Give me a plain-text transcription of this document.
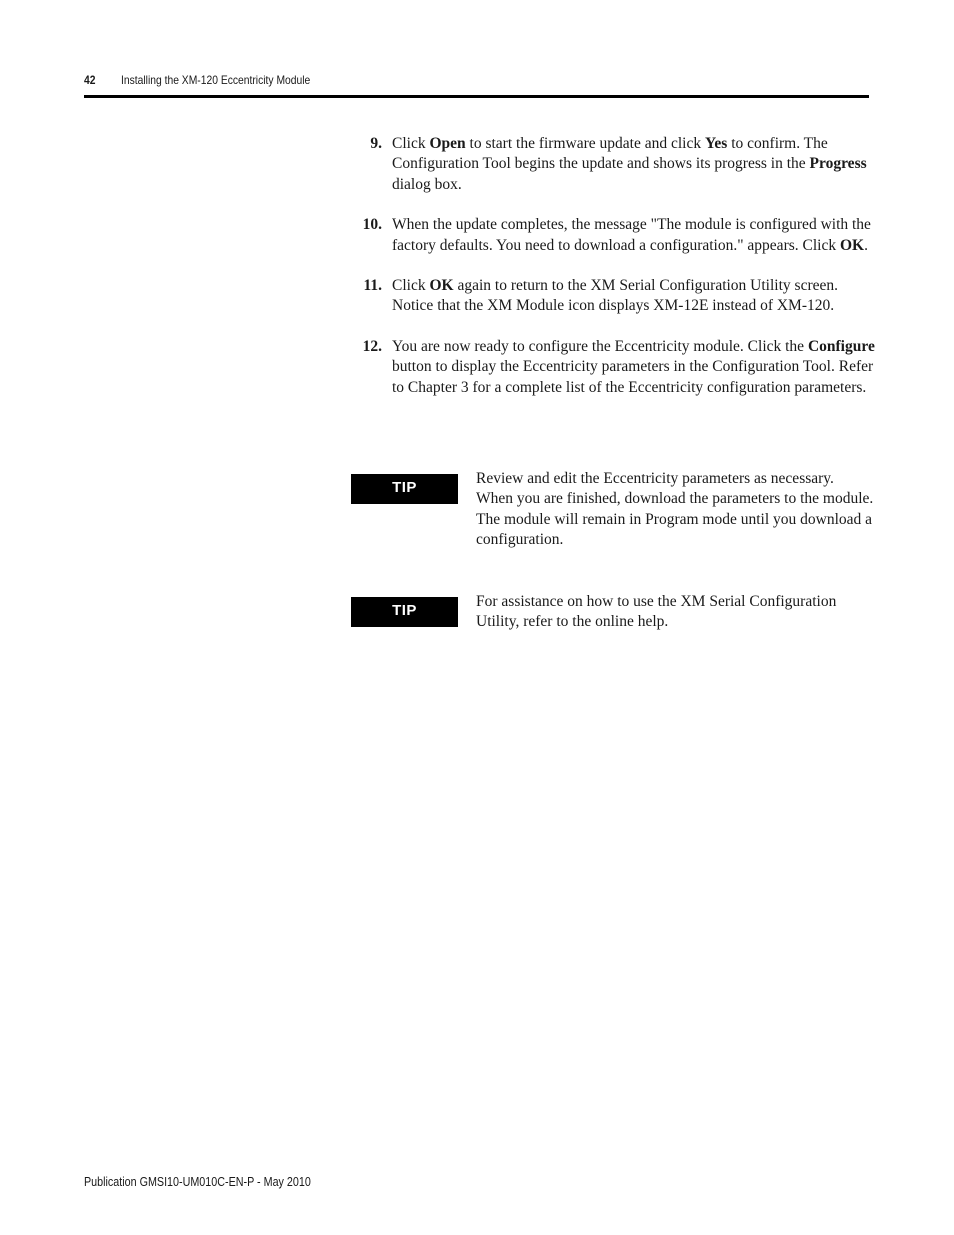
42 Installing the XM-120 Eccentricity Module
9. Click Open to start the firmware update and click Yes to confirm. The Configuration Tool begins the update and shows its progress in the Progress dialog box.
10. When the update completes, the message "The module is configured with the factory defaults. You need to download a configuration." appears. Click OK.
11. Click OK again to return to the XM Serial Configuration Utility screen. Notice that the XM Module icon displays XM-12E instead of XM-120.
12. You are now ready to configure the Eccentricity module. Click the Configure button to display the Eccentricity parameters in the Configuration Tool. Refer to Chapter 3 for a complete list of the Eccentricity configuration parameters.
TIP
Review and edit the Eccentricity parameters as necessary. When you are finished, download the parameters to the module. The module will remain in Program mode until you download a configuration.
TIP
For assistance on how to use the XM Serial Configuration Utility, refer to the online help.
Publication GMSI10-UM010C-EN-P - May 2010
